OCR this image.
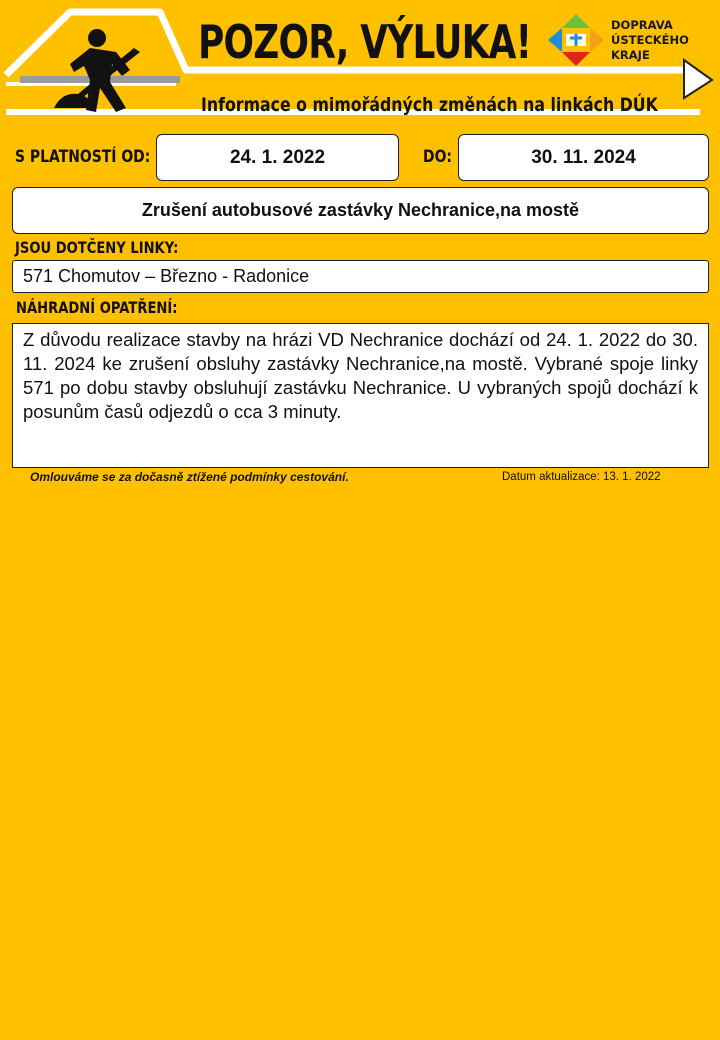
POZOR, VÝLUKA!
Informace o mimořádných změnách na linkách DÚK
DOPRAVA
ÚSTECKÉHO
KRAJE
S PLATNOSTÍ OD:	24. 1. 2022	DO:	30. 11. 2024
Zrušení autobusové zastávky Nechranice,na mostě
JSOU DOTČENY LINKY:
571 Chomutov – Březno - Radonice
NÁHRADNÍ OPATŘENÍ:
Z důvodu realizace stavby na hrázi VD Nechranice dochází od 24. 1. 2022 do 30. 11. 2024 ke zrušení obsluhy zastávky Nechranice,na mostě. Vybrané spoje linky 571 po dobu stavby obsluhují zastávku Nechranice. U vybraných spojů dochází k posunům časů odjezdů o cca 3 minuty.
Omlouváme se za dočasně ztížené podmínky cestování.	Datum aktualizace: 13. 1. 2022
